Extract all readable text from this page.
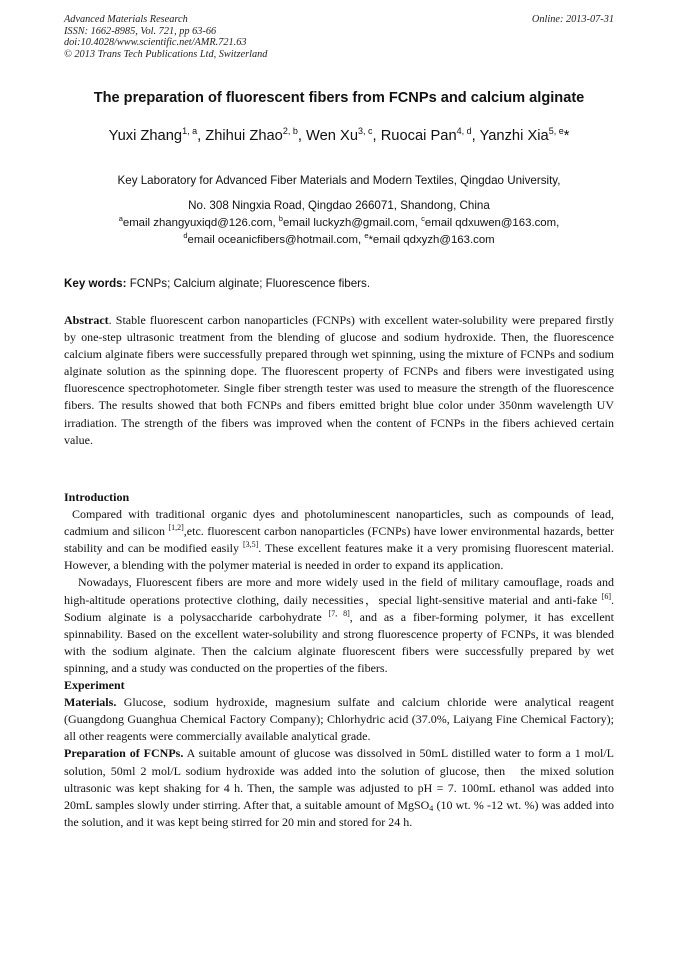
Advanced Materials Research
ISSN: 1662-8985, Vol. 721, pp 63-66
doi:10.4028/www.scientific.net/AMR.721.63
© 2013 Trans Tech Publications Ltd, Switzerland
Online: 2013-07-31
The preparation of fluorescent fibers from FCNPs and calcium alginate
Yuxi Zhang$^{1, a}$, Zhihui Zhao$^{2, b}$, Wen Xu$^{3, c}$, Ruocai Pan$^{4, d}$, Yanzhi Xia$^{5, e}$*
Key Laboratory for Advanced Fiber Materials and Modern Textiles, Qingdao University,
No. 308 Ningxia Road, Qingdao 266071, Shandong, China
$^a$email zhangyuxiqd@126.com, $^b$email luckyzh@gmail.com, $^c$email qdxuwen@163.com,
$^d$email oceanicfibers@hotmail.com, $^e$*email qdxyzh@163.com
Key words: FCNPs; Calcium alginate; Fluorescence fibers.

Abstract. Stable fluorescent carbon nanoparticles (FCNPs) with excellent water-solubility were prepared firstly by one-step ultrasonic treatment from the blending of glucose and sodium hydroxide. Then, the fluorescence calcium alginate fibers were successfully prepared through wet spinning, using the mixture of FCNPs and sodium alginate solution as the spinning dope. The fluorescent property of FCNPs and fibers were investigated using fluorescence spectrophotometer. Single fiber strength tester was used to measure the strength of the fluorescence fibers. The results showed that both FCNPs and fibers emitted bright blue color under 350nm wavelength UV irradiation. The strength of the fibers was improved when the content of FCNPs in the fibers achieved certain value.

Introduction

Compared with traditional organic dyes and photoluminescent nanoparticles, such as compounds of lead, cadmium and silicon [1,2],etc. fluorescent carbon nanoparticles (FCNPs) have lower environmental hazards, better stability and can be modified easily [3,5]. These excellent features make it a very promising fluorescent material. However, a blending with the polymer material is needed in order to expand its application.

Nowadays, Fluorescent fibers are more and more widely used in the field of military camouflage, roads and high-altitude operations protective clothing, daily necessities，special light-sensitive material and anti-fake [6]. Sodium alginate is a polysaccharide carbohydrate [7, 8], and as a fiber-forming polymer, it has excellent spinnability. Based on the excellent water-solubility and strong fluorescence property of FCNPs, it was blended with the sodium alginate. Then the calcium alginate fluorescent fibers were successfully prepared by wet spinning, and a study was conducted on the properties of the fibers.

Experiment

Materials. Glucose, sodium hydroxide, magnesium sulfate and calcium chloride were analytical reagent (Guangdong Guanghua Chemical Factory Company); Chlorhydric acid (37.0%, Laiyang Fine Chemical Factory); all other reagents were commercially available analytical grade.

Preparation of FCNPs. A suitable amount of glucose was dissolved in 50mL distilled water to form a 1 mol/L solution, 50ml 2 mol/L sodium hydroxide was added into the solution of glucose, then   the mixed solution ultrasonic was kept shaking for 4 h. Then, the sample was adjusted to pH = 7. 100mL ethanol was added into 20mL samples slowly under stirring. After that, a suitable amount of MgSO$_4$ (10 wt. % -12 wt. %) was added into the solution, and it was kept being stirred for 20 min and stored for 24 h.
